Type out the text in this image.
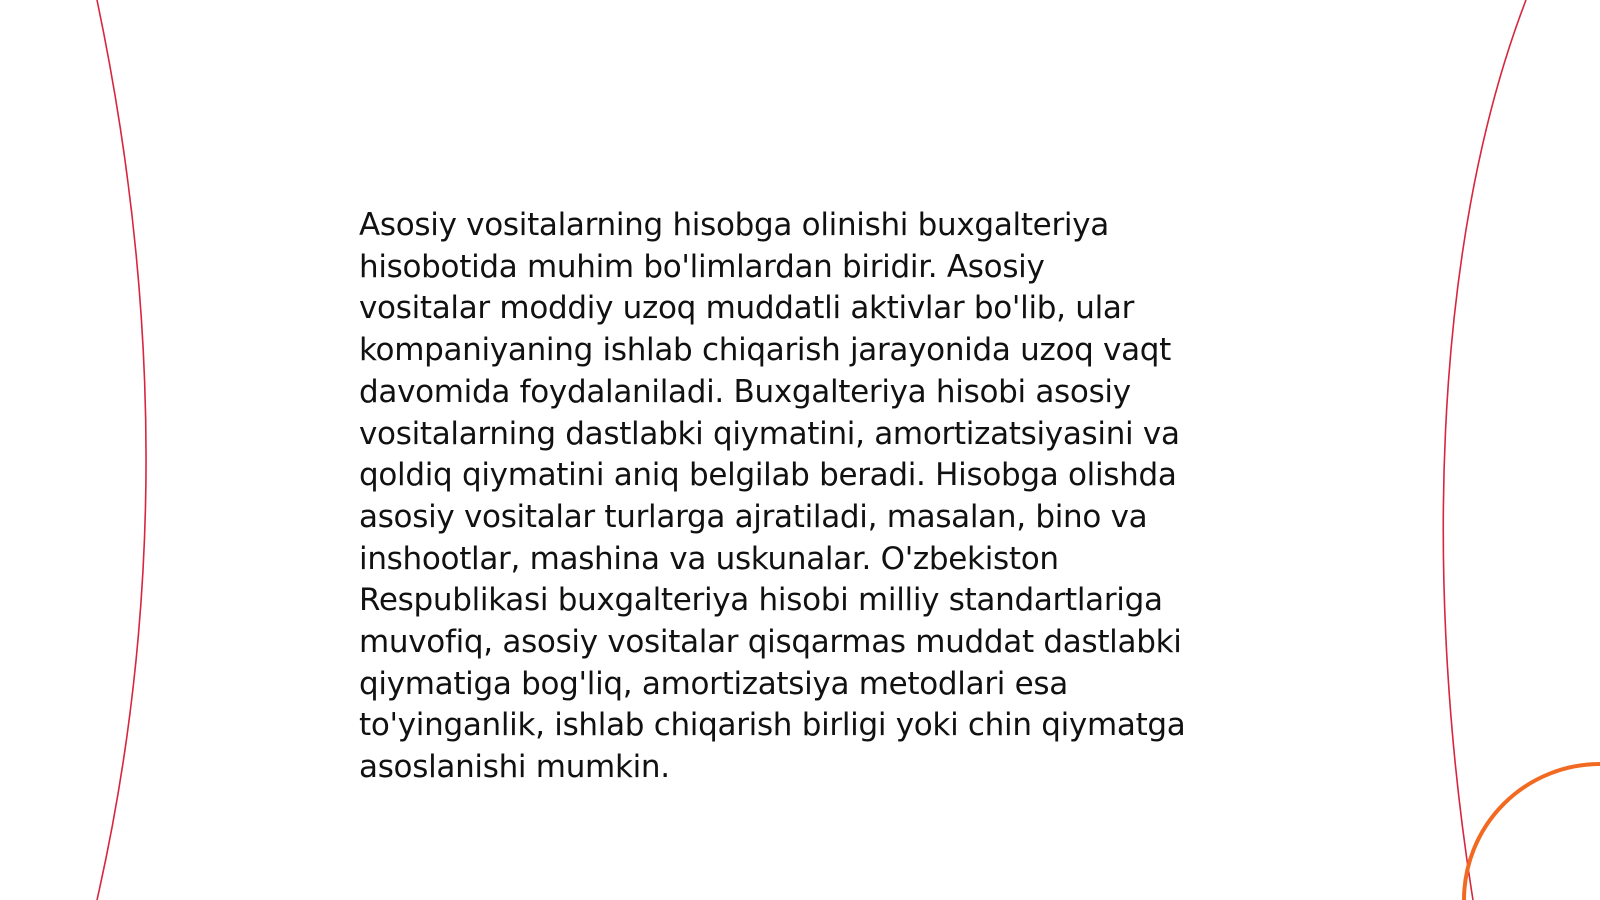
Asosiy vositalarning hisobga olinishi buxgalteriya
hisobotida muhim bo'limlardan biridir. Asosiy
vositalar moddiy uzoq muddatli aktivlar bo'lib, ular
kompaniyaning ishlab chiqarish jarayonida uzoq vaqt
davomida foydalaniladi. Buxgalteriya hisobi asosiy
vositalarning dastlabki qiymatini, amortizatsiyasini va
qoldiq qiymatini aniq belgilab beradi. Hisobga olishda
asosiy vositalar turlarga ajratiladi, masalan, bino va
inshootlar, mashina va uskunalar. O'zbekiston
Respublikasi buxgalteriya hisobi milliy standartlariga
muvofiq, asosiy vositalar qisqarmas muddat dastlabki
qiymatiga bog'liq, amortizatsiya metodlari esa
to'yinganlik, ishlab chiqarish birligi yoki chin qiymatga
asoslanishi mumkin.
